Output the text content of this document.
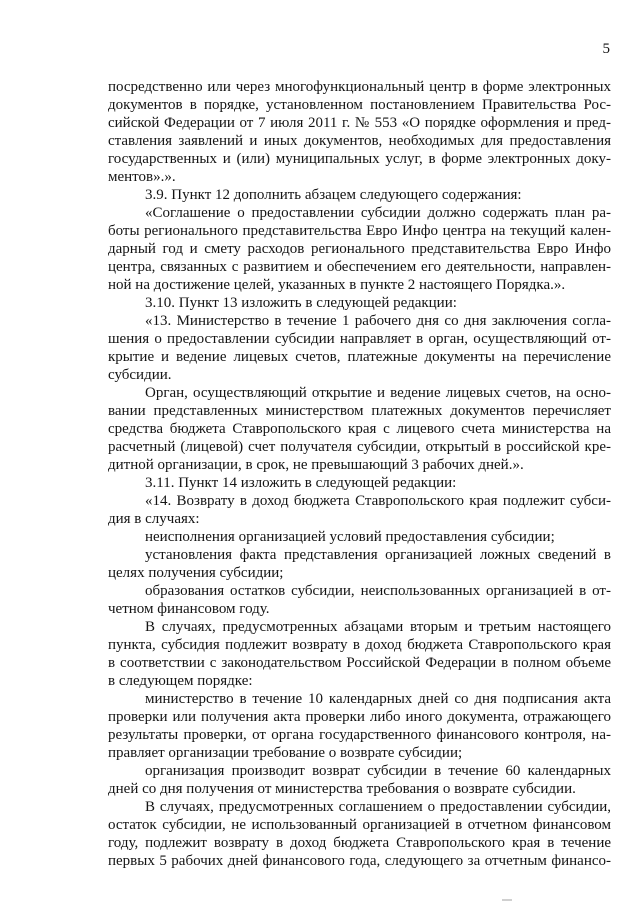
5
посредственно или через многофункциональный центр в форме электронных
документов в порядке, установленном постановлением Правительства Рос-
сийской Федерации от 7 июля 2011 г. № 553 «О порядке оформления и пред-
ставления заявлений и иных документов, необходимых для предоставления
государственных и (или) муниципальных услуг, в форме электронных доку-
ментов».».
3.9. Пункт 12 дополнить абзацем следующего содержания:
«Соглашение о предоставлении субсидии должно содержать план ра-
боты регионального представительства Евро Инфо центра на текущий кален-
дарный год и смету расходов регионального представительства Евро Инфо
центра, связанных с развитием и обеспечением его деятельности, направлен-
ной на достижение целей, указанных в пункте 2 настоящего Порядка.».
3.10. Пункт 13 изложить в следующей редакции:
«13. Министерство в течение 1 рабочего дня со дня заключения согла-
шения о предоставлении субсидии направляет в орган, осуществляющий от-
крытие и ведение лицевых счетов, платежные документы на перечисление
субсидии.
Орган, осуществляющий открытие и ведение лицевых счетов, на осно-
вании представленных министерством платежных документов перечисляет
средства бюджета Ставропольского края с лицевого счета министерства на
расчетный (лицевой) счет получателя субсидии, открытый в российской кре-
дитной организации, в срок, не превышающий 3 рабочих дней.».
3.11. Пункт 14 изложить в следующей редакции:
«14. Возврату в доход бюджета Ставропольского края подлежит субси-
дия в случаях:
неисполнения организацией условий предоставления субсидии;
установления факта представления организацией ложных сведений в
целях получения субсидии;
образования остатков субсидии, неиспользованных организацией в от-
четном финансовом году.
В случаях, предусмотренных абзацами вторым и третьим настоящего
пункта, субсидия подлежит возврату в доход бюджета Ставропольского края
в соответствии с законодательством Российской Федерации в полном объеме
в следующем порядке:
министерство в течение 10 календарных дней со дня подписания акта
проверки или получения акта проверки либо иного документа, отражающего
результаты проверки, от органа государственного финансового контроля, на-
правляет организации требование о возврате субсидии;
организация производит возврат субсидии в течение 60 календарных
дней со дня получения от министерства требования о возврате субсидии.
В случаях, предусмотренных соглашением о предоставлении субсидии,
остаток субсидии, не использованный организацией в отчетном финансовом
году, подлежит возврату в доход бюджета Ставропольского края в течение
первых 5 рабочих дней финансового года, следующего за отчетным финансо-
